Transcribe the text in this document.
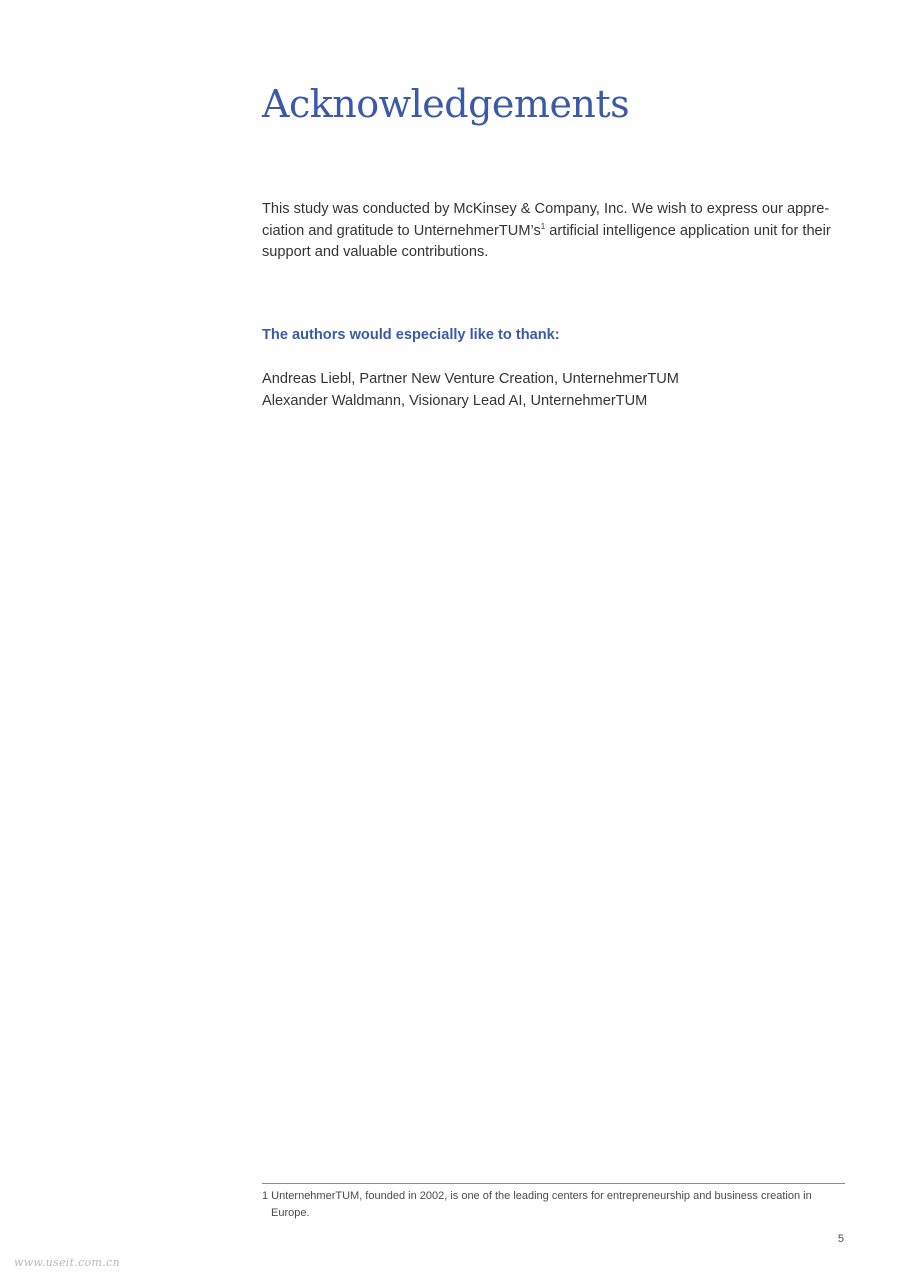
Acknowledgements

This study was conducted by McKinsey & Company, Inc. We wish to express our appreciation and gratitude to $UnternehmerTUM’s^1$ artificial intelligence application unit for their support and valuable contributions.

The authors would especially like to thank:
Andreas Liebl, Partner New Venture Creation, UnternehmerTUM
Alexander Waldmann, Visionary Lead AI, UnternehmerTUM

1 UnternehmerTUM, founded in 2002, is one of the leading centers for entrepreneurship and business creation in Europe.

5
www.useit.com.cn
